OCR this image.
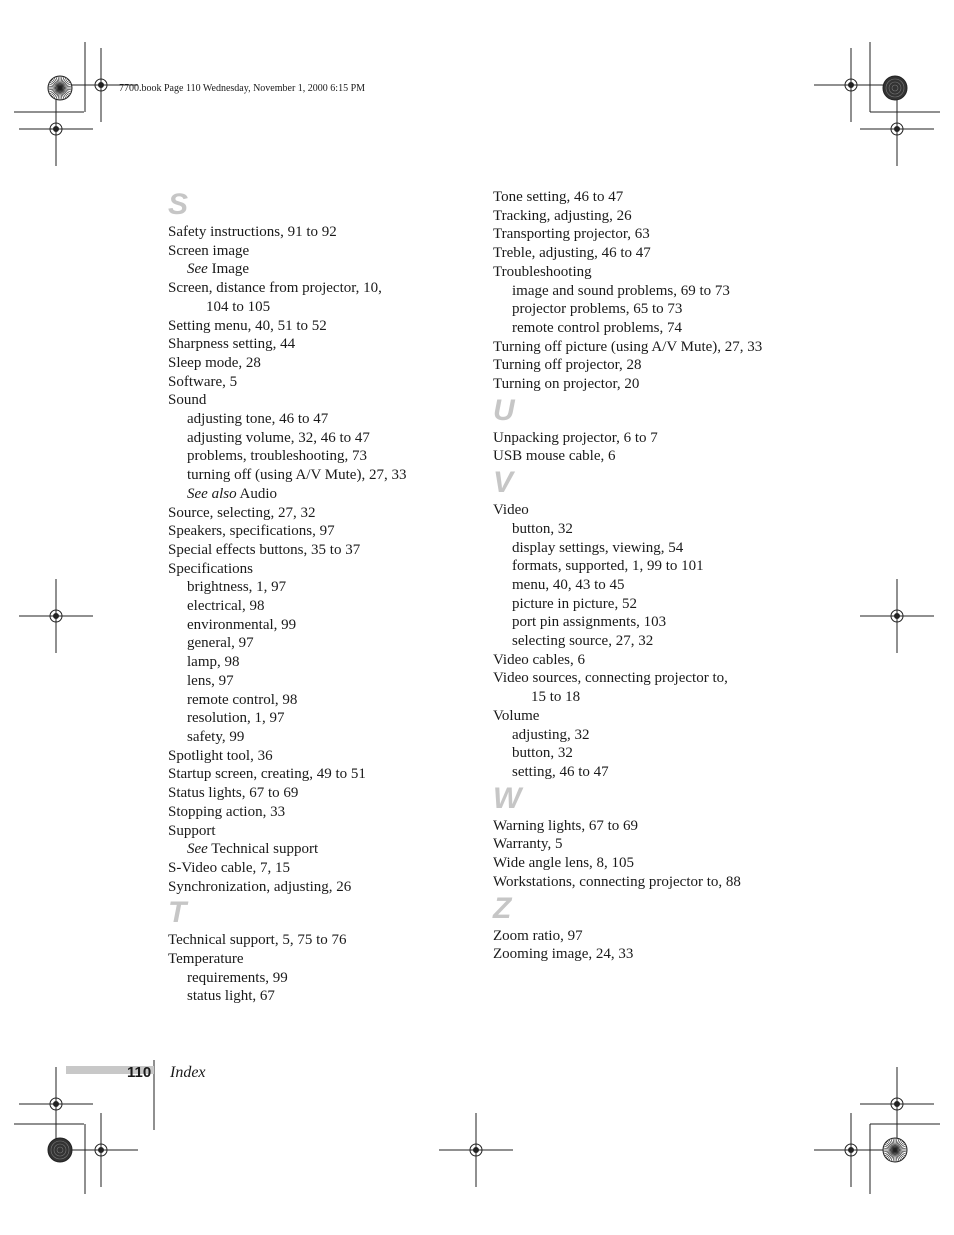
7700.book Page 110 Wednesday, November 1, 2000 6:15 PM
S
Safety instructions, 91 to 92
Screen image
See Image
Screen, distance from projector, 10,
104 to 105
Setting menu, 40, 51 to 52
Sharpness setting, 44
Sleep mode, 28
Software, 5
Sound
adjusting tone, 46 to 47
adjusting volume, 32, 46 to 47
problems, troubleshooting, 73
turning off (using A/V Mute), 27, 33
See also Audio
Source, selecting, 27, 32
Speakers, specifications, 97
Special effects buttons, 35 to 37
Specifications
brightness, 1, 97
electrical, 98
environmental, 99
general, 97
lamp, 98
lens, 97
remote control, 98
resolution, 1, 97
safety, 99
Spotlight tool, 36
Startup screen, creating, 49 to 51
Status lights, 67 to 69
Stopping action, 33
Support
See Technical support
S-Video cable, 7, 15
Synchronization, adjusting, 26
T
Technical support, 5, 75 to 76
Temperature
requirements, 99
status light, 67
Tone setting, 46 to 47
Tracking, adjusting, 26
Transporting projector, 63
Treble, adjusting, 46 to 47
Troubleshooting
image and sound problems, 69 to 73
projector problems, 65 to 73
remote control problems, 74
Turning off picture (using A/V Mute), 27, 33
Turning off projector, 28
Turning on projector, 20
U
Unpacking projector, 6 to 7
USB mouse cable, 6
V
Video
button, 32
display settings, viewing, 54
formats, supported, 1, 99 to 101
menu, 40, 43 to 45
picture in picture, 52
port pin assignments, 103
selecting source, 27, 32
Video cables, 6
Video sources, connecting projector to,
15 to 18
Volume
adjusting, 32
button, 32
setting, 46 to 47
W
Warning lights, 67 to 69
Warranty, 5
Wide angle lens, 8, 105
Workstations, connecting projector to, 88
Z
Zoom ratio, 97
Zooming image, 24, 33
110 Index
